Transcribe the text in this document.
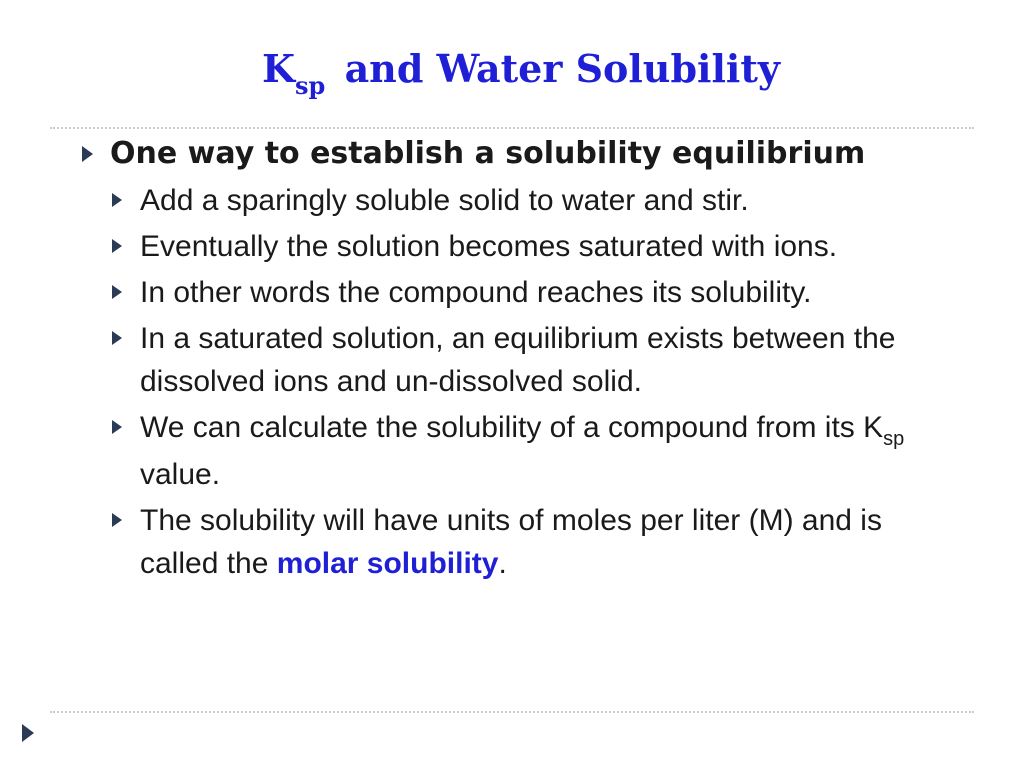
$K_{sp}$ and Water Solubility
One way to establish a solubility equilibrium
Add a sparingly soluble solid to water and stir.
Eventually the solution becomes saturated with ions.
In other words the compound reaches its solubility.
In a saturated solution, an equilibrium exists between the dissolved ions and un-dissolved solid.
We can calculate the solubility of a compound from its $K_{sp}$ value.
The solubility will have units of moles per liter (M) and is called the molar solubility.
